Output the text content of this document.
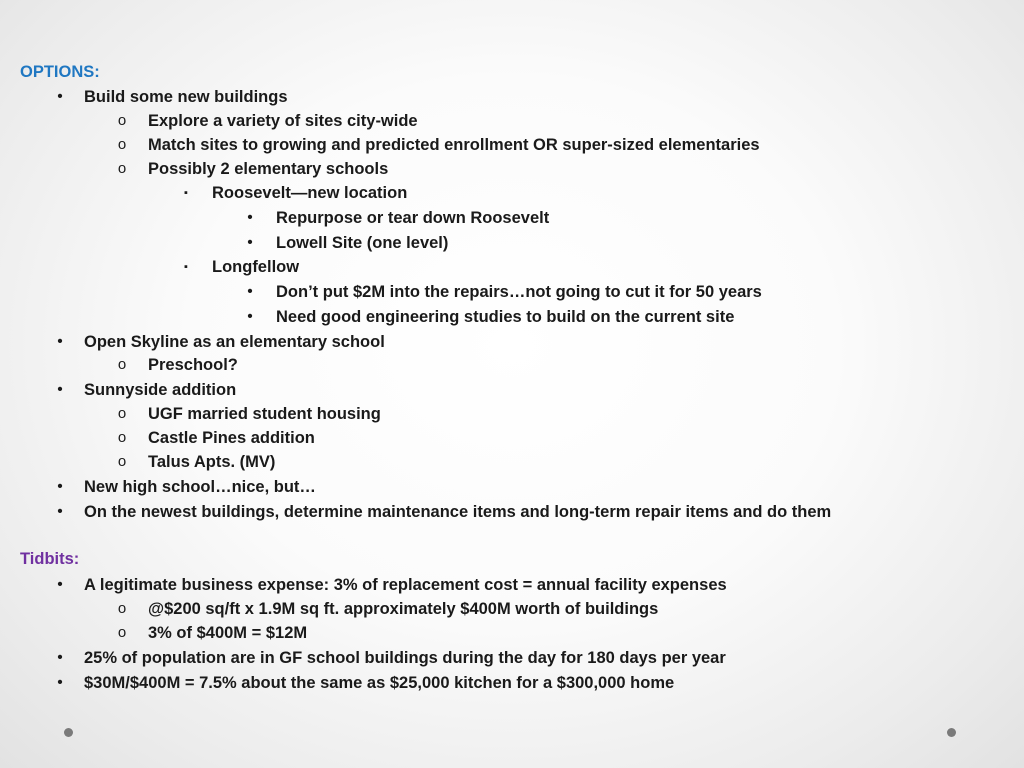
OPTIONS:
•	Build some new buildings
o Explore a variety of sites city-wide
o Match sites to growing and predicted enrollment OR super-sized elementaries
o Possibly 2 elementary schools
▪	Roosevelt—new location
•	Repurpose or tear down Roosevelt
•	Lowell Site (one level)
▪	Longfellow
•	Don’t put $2M into the repairs…not going to cut it for 50 years
•	Need good engineering studies to build on the current site
•	Open Skyline as an elementary school
o Preschool?
•	Sunnyside addition
o UGF married student housing
o Castle Pines addition
o Talus Apts. (MV)
•	New high school…nice, but…
•	On the newest buildings, determine maintenance items and long-term repair items and do them
Tidbits:
•	A legitimate business expense: 3% of replacement cost = annual facility expenses
o @$200 sq/ft x 1.9M sq ft. approximately $400M worth of buildings
o 3% of $400M = $12M
•	25% of population are in GF school buildings during the day for 180 days per year
•	$30M/$400M = 7.5% about the same as $25,000 kitchen for a $300,000 home
